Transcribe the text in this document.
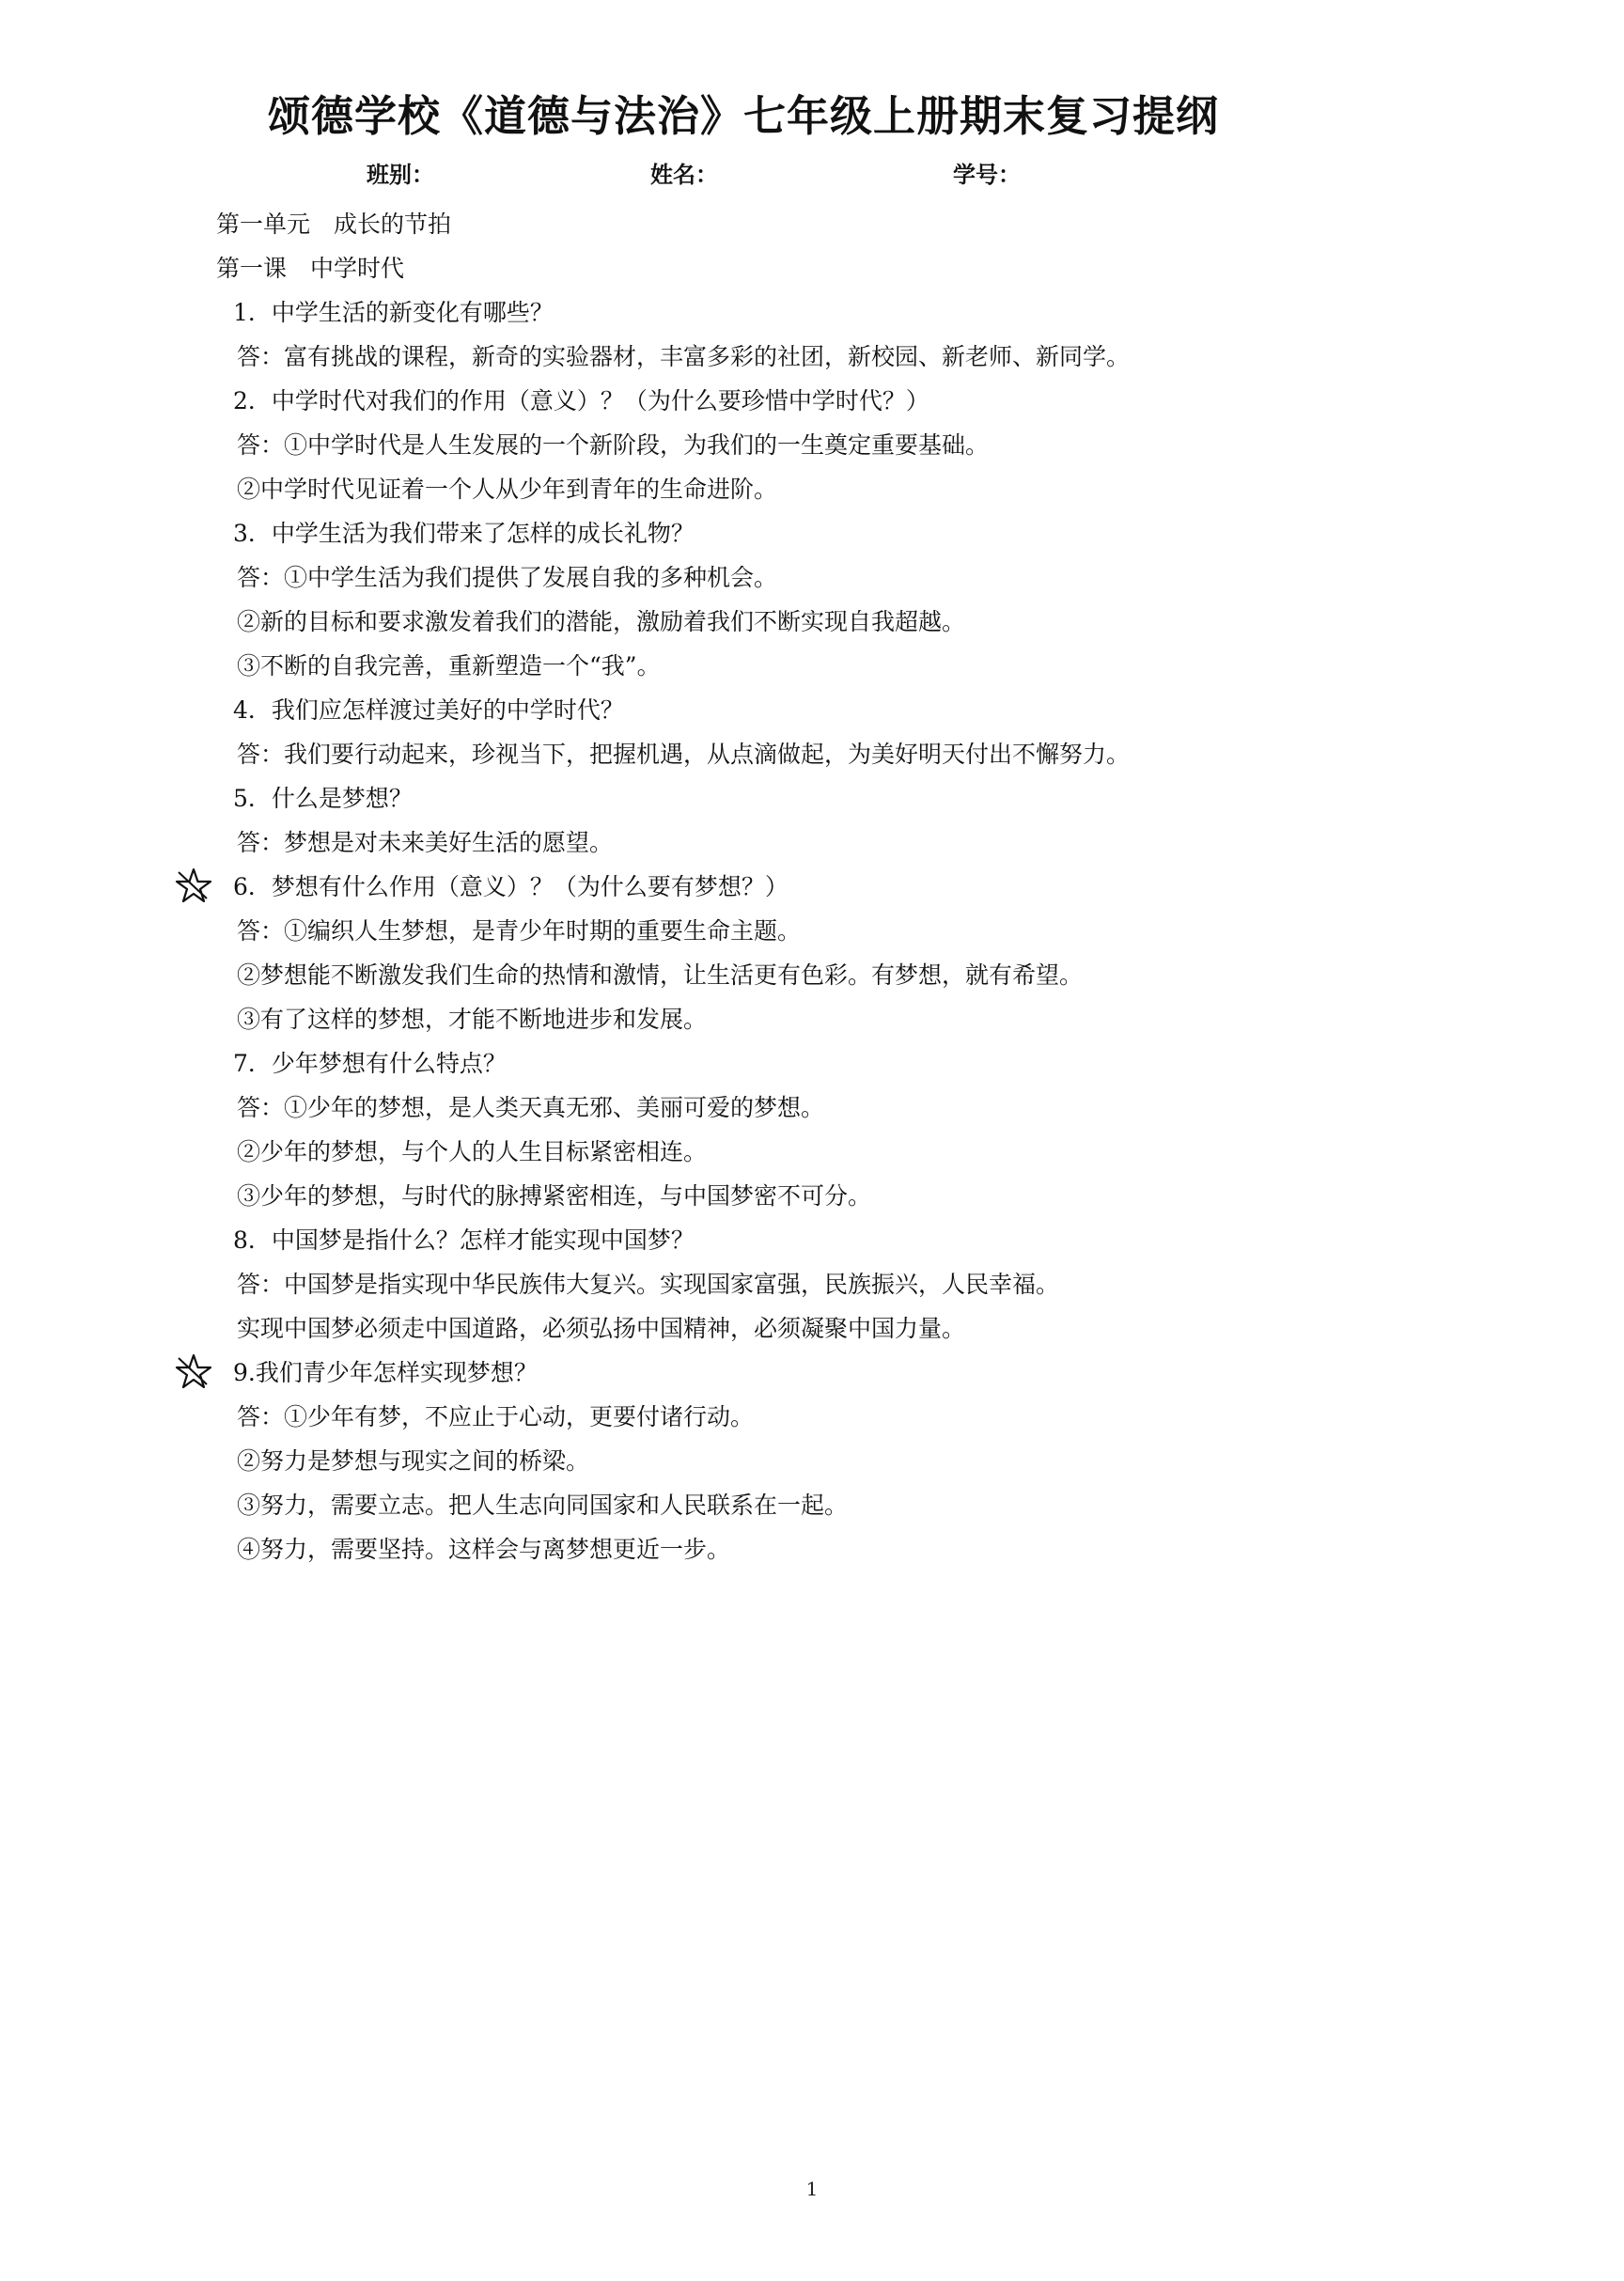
颂德学校《道德与法治》七年级上册期末复习提纲
班别：	姓名：	学号：
第一单元　成长的节拍
第一课　中学时代
1．中学生活的新变化有哪些？
答：富有挑战的课程，新奇的实验器材，丰富多彩的社团，新校园、新老师、新同学。
2．中学时代对我们的作用（意义）？（为什么要珍惜中学时代？）
答：①中学时代是人生发展的一个新阶段，为我们的一生奠定重要基础。
②中学时代见证着一个人从少年到青年的生命进阶。
3．中学生活为我们带来了怎样的成长礼物？
答：①中学生活为我们提供了发展自我的多种机会。
②新的目标和要求激发着我们的潜能，激励着我们不断实现自我超越。
③不断的自我完善，重新塑造一个“我”。
4．我们应怎样渡过美好的中学时代？
答：我们要行动起来，珍视当下，把握机遇，从点滴做起，为美好明天付出不懈努力。
5．什么是梦想？
答：梦想是对未来美好生活的愿望。
6．梦想有什么作用（意义）？（为什么要有梦想？）
答：①编织人生梦想，是青少年时期的重要生命主题。
②梦想能不断激发我们生命的热情和激情，让生活更有色彩。有梦想，就有希望。
③有了这样的梦想，才能不断地进步和发展。
7．少年梦想有什么特点？
答：①少年的梦想，是人类天真无邪、美丽可爱的梦想。
②少年的梦想，与个人的人生目标紧密相连。
③少年的梦想，与时代的脉搏紧密相连，与中国梦密不可分。
8．中国梦是指什么？怎样才能实现中国梦？
答：中国梦是指实现中华民族伟大复兴。实现国家富强，民族振兴，人民幸福。
实现中国梦必须走中国道路，必须弘扬中国精神，必须凝聚中国力量。
9.我们青少年怎样实现梦想？
答：①少年有梦，不应止于心动，更要付诸行动。
②努力是梦想与现实之间的桥梁。
③努力，需要立志。把人生志向同国家和人民联系在一起。
④努力，需要坚持。这样会与离梦想更近一步。
1
